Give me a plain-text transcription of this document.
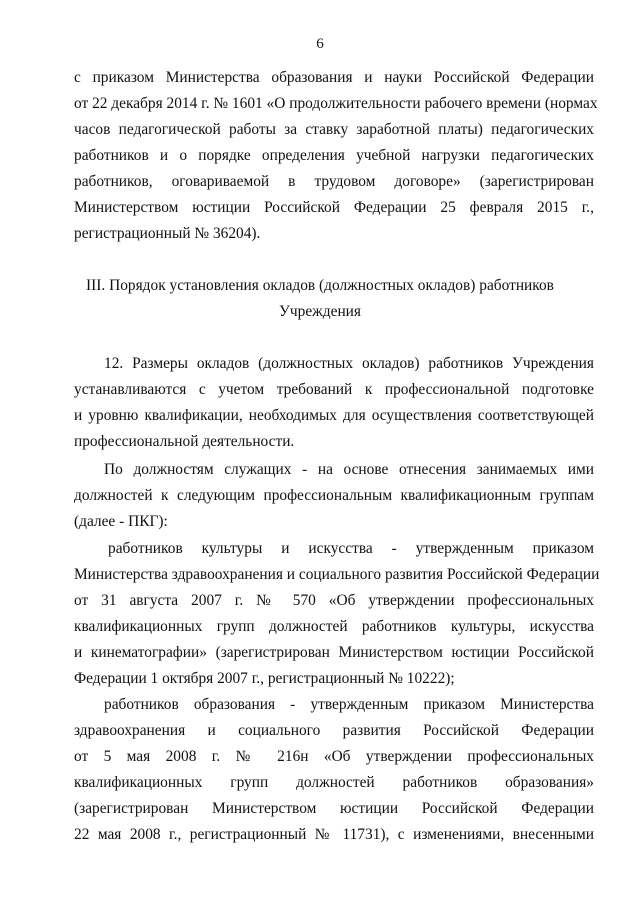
6
с приказом Министерства образования и науки Российской Федерации
от 22 декабря 2014 г. № 1601 «О продолжительности рабочего времени (нормах
часов педагогической работы за ставку заработной платы) педагогических
работников и о порядке определения учебной нагрузки педагогических
работников, оговариваемой в трудовом договоре» (зарегистрирован
Министерством юстиции Российской Федерации 25 февраля 2015 г.,
регистрационный № 36204).
III. Порядок установления окладов (должностных окладов) работников
Учреждения
12. Размеры окладов (должностных окладов) работников Учреждения
устанавливаются с учетом требований к профессиональной подготовке
и уровню квалификации, необходимых для осуществления соответствующей
профессиональной деятельности.
По должностям служащих - на основе отнесения занимаемых ими
должностей к следующим профессиональным квалификационным группам
(далее - ПКГ):
работников культуры и искусства - утвержденным приказом
Министерства здравоохранения и социального развития Российской Федерации
от 31 августа 2007 г. № 570 «Об утверждении профессиональных
квалификационных групп должностей работников культуры, искусства
и кинематографии» (зарегистрирован Министерством юстиции Российской
Федерации 1 октября 2007 г., регистрационный № 10222);
работников образования - утвержденным приказом Министерства
здравоохранения и социального развития Российской Федерации
от 5 мая 2008 г. № 216н «Об утверждении профессиональных
квалификационных групп должностей работников образования»
(зарегистрирован Министерством юстиции Российской Федерации
22 мая 2008 г., регистрационный № 11731), с изменениями, внесенными
